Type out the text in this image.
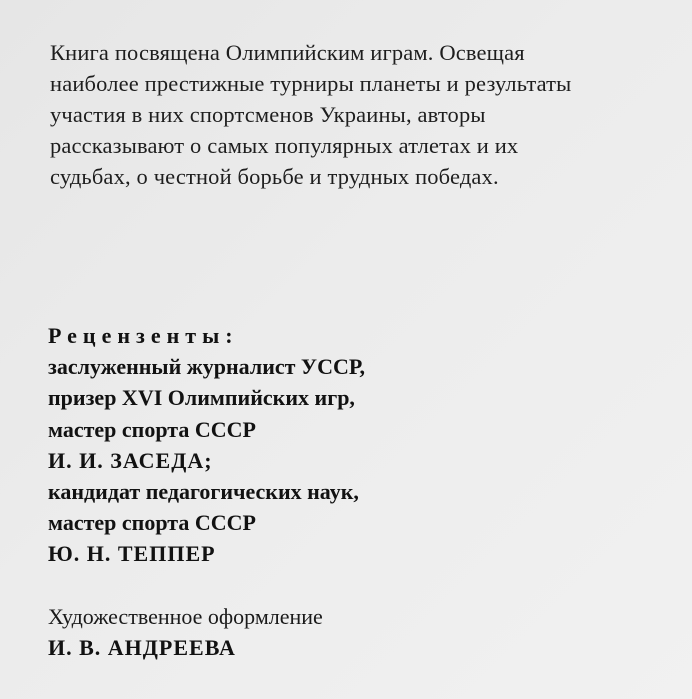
Книга посвящена Олимпийским играм. Освещая
наиболее престижные турниры планеты и результаты
участия в них спортсменов Украины, авторы
рассказывают о самых популярных атлетах и их
судьбах, о честной борьбе и трудных победах.
Рецензенты:
заслуженный журналист УССР,
призер XVI Олимпийских игр,
мастер спорта СССР
И. И. ЗАСЕДА;
кандидат педагогических наук,
мастер спорта СССР
Ю. Н. ТЕППЕР
Художественное оформление
И. В. АНДРЕЕВА
